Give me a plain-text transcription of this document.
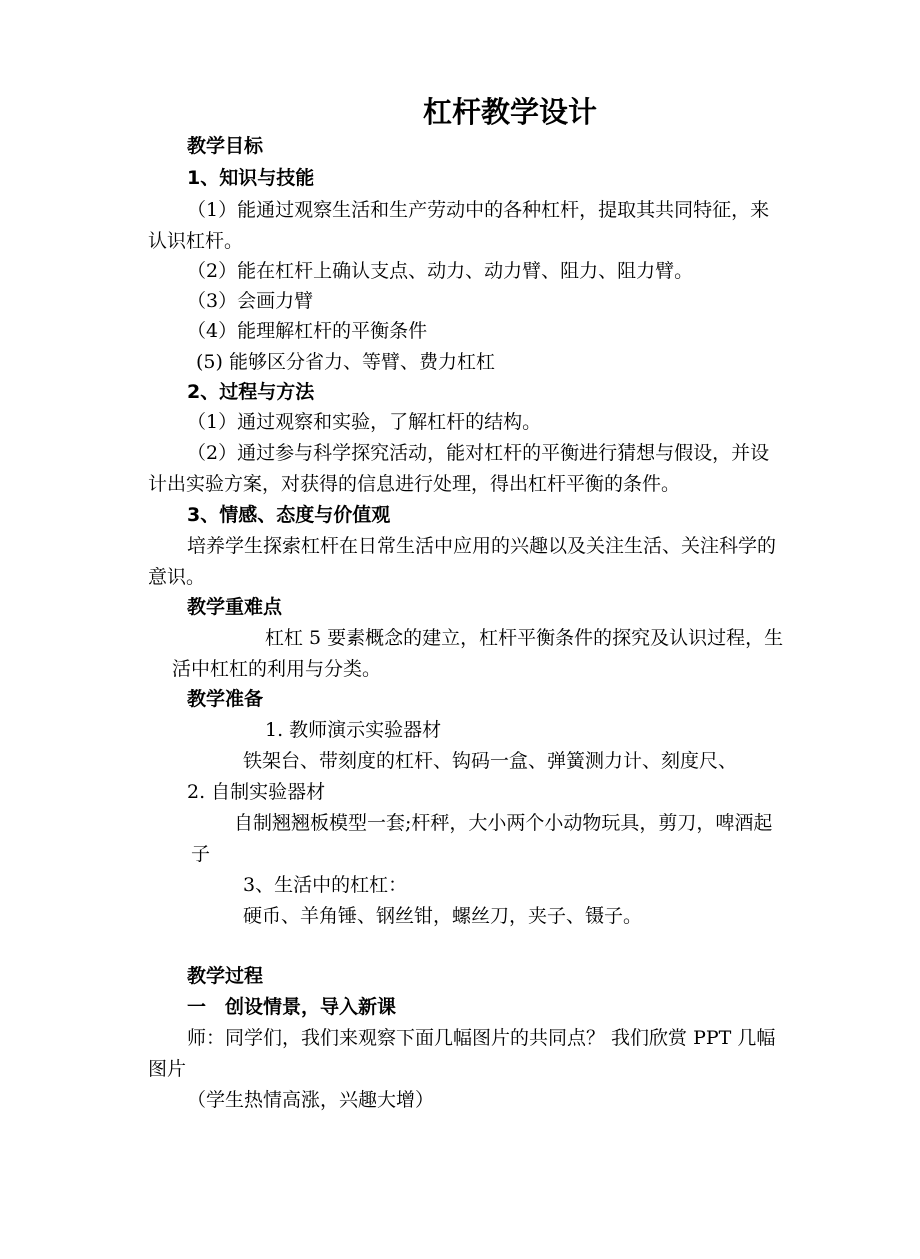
杠杆教学设计
教学目标
1、知识与技能
（1）能通过观察生活和生产劳动中的各种杠杆，提取其共同特征，来
认识杠杆。
（2）能在杠杆上确认支点、动力、动力臂、阻力、阻力臂。
（3）会画力臂
（4）能理解杠杆的平衡条件
(5) 能够区分省力、等臂、费力杠杠
2、过程与方法
（1）通过观察和实验，了解杠杆的结构。
（2）通过参与科学探究活动，能对杠杆的平衡进行猜想与假设，并设
计出实验方案，对获得的信息进行处理，得出杠杆平衡的条件。
3、情感、态度与价值观
培养学生探索杠杆在日常生活中应用的兴趣以及关注生活、关注科学的
意识。
教学重难点
杠杠 5 要素概念的建立，杠杆平衡条件的探究及认识过程，生
活中杠杠的利用与分类。
教学准备
1. 教师演示实验器材
铁架台、带刻度的杠杆、钩码一盒、弹簧测力计、刻度尺、
2. 自制实验器材
自制翘翘板模型一套;杆秤，大小两个小动物玩具，剪刀，啤酒起
子
3、生活中的杠杠：
硬币、羊角锤、钢丝钳，螺丝刀，夹子、镊子。
教学过程
一　创设情景，导入新课
师：同学们，我们来观察下面几幅图片的共同点？ 我们欣赏 PPT 几幅
图片
（学生热情高涨，兴趣大增）
